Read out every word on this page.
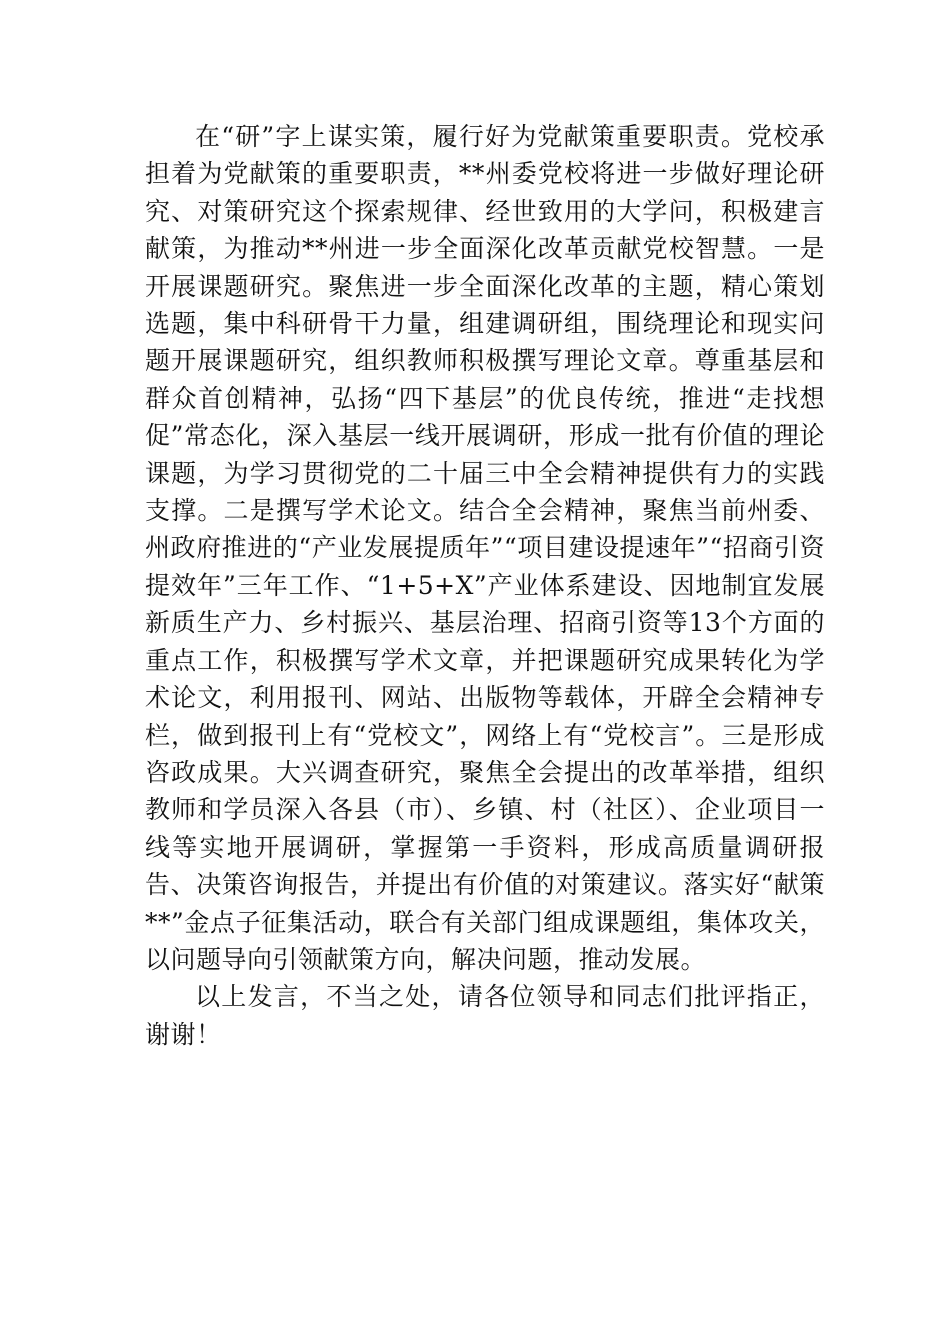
在“研”字上谋实策，履行好为党献策重要职责。党校承担着为党献策的重要职责，**州委党校将进一步做好理论研究、对策研究这个探索规律、经世致用的大学问，积极建言献策，为推动**州进一步全面深化改革贡献党校智慧。一是开展课题研究。聚焦进一步全面深化改革的主题，精心策划选题，集中科研骨干力量，组建调研组，围绕理论和现实问题开展课题研究，组织教师积极撰写理论文章。尊重基层和群众首创精神，弘扬“四下基层”的优良传统，推进“走找想促”常态化，深入基层一线开展调研，形成一批有价值的理论课题，为学习贯彻党的二十届三中全会精神提供有力的实践支撑。二是撰写学术论文。结合全会精神，聚焦当前州委、州政府推进的“产业发展提质年”“项目建设提速年”“招商引资提效年”三年工作、“1+5+X”产业体系建设、因地制宜发展新质生产力、乡村振兴、基层治理、招商引资等13个方面的重点工作，积极撰写学术文章，并把课题研究成果转化为学术论文，利用报刊、网站、出版物等载体，开辟全会精神专栏，做到报刊上有“党校文”，网络上有“党校言”。三是形成咨政成果。大兴调查研究，聚焦全会提出的改革举措，组织教师和学员深入各县（市）、乡镇、村（社区）、企业项目一线等实地开展调研，掌握第一手资料，形成高质量调研报告、决策咨询报告，并提出有价值的对策建议。落实好“献策**”金点子征集活动，联合有关部门组成课题组，集体攻关，以问题导向引领献策方向，解决问题，推动发展。

以上发言，不当之处，请各位领导和同志们批评指正，谢谢！
